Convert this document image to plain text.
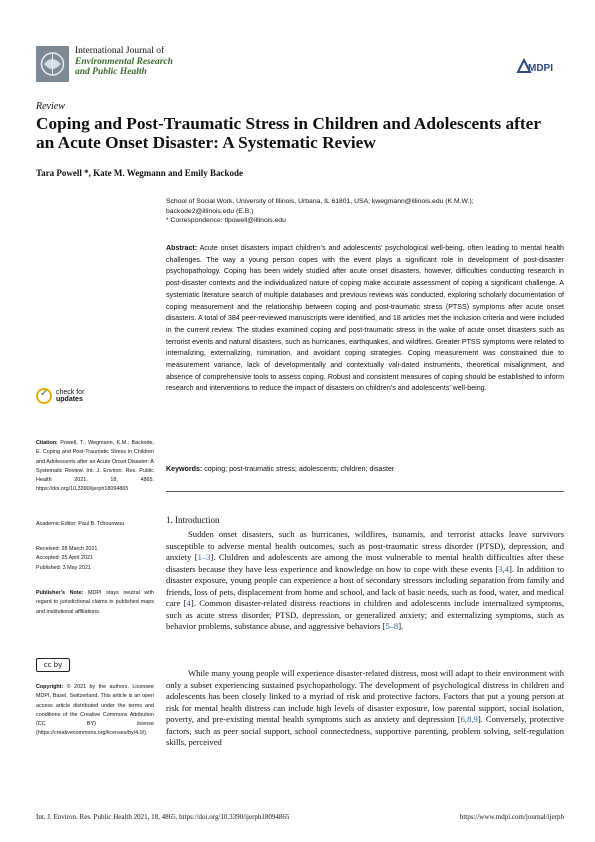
International Journal of
Environmental Research
and Public Health	MDPI
Review
Coping and Post-Traumatic Stress in Children and Adolescents after an Acute Onset Disaster: A Systematic Review
Tara Powell *, Kate M. Wegmann and Emily Backode
School of Social Work, University of Illinois, Urbana, IL 61801, USA; kwegmann@illinois.edu (K.M.W.);
backode2@illinois.edu (E.B.)
* Correspondence: tlpowell@illinois.edu
Abstract: Acute onset disasters impact children’s and adolescents’ psychological well-being, often leading to mental health challenges. The way a young person copes with the event plays a significant role in development of post-disaster psychopathology. Coping has been widely studied after acute onset disasters, however, difficulties conducting research in post-disaster contexts and the individualized nature of coping make accurate assessment of coping a significant challenge. A systematic literature search of multiple databases and previous reviews was conducted, exploring scholarly documentation of coping measurement and the relationship between coping and post-traumatic stress (PTSS) symptoms after acute onset disasters. A total of 384 peer-reviewed manuscripts were identified, and 18 articles met the inclusion criteria and were included in the current review. The studies examined coping and post-traumatic stress in the wake of acute onset disasters such as terrorist events and natural disasters, such as hurricanes, earthquakes, and wildfires. Greater PTSS symptoms were related to internalizing, externalizing, rumination, and avoidant coping strategies. Coping measurement was constrained due to measurement variance, lack of developmentally and contextually vali-dated instruments, theoretical misalignment, and absence of comprehensive tools to assess coping. Robust and consistent measures of coping should be established to inform research and interventions to reduce the impact of disasters on children’s and adolescents’ well-being.
Keywords: coping; post-traumatic stress; adolescents; children; disaster
✓
check for
updates
Citation: Powell, T.; Wegmann, K.M.; Backode, E. Coping and Post-Traumatic Stress in Children and Adolescents after an Acute Onset Disaster: A Systematic Review. Int. J. Environ. Res. Public Health 2021, 18, 4865. https://doi.org/10.3390/ijerph18094865
Academic Editor: Paul B. Tchounwou
Received: 28 March 2021
Accepted: 25 April 2021
Published: 3 May 2021
Publisher’s Note: MDPI stays neutral with regard to jurisdictional claims in published maps and institutional affiliations.
cc by
Copyright: © 2021 by the authors. Licensee MDPI, Basel, Switzerland. This article is an open access article distributed under the terms and conditions of the Creative Commons Attribution (CC BY) license (https://creativecommons.org/licenses/by/4.0/).
1. Introduction
Sudden onset disasters, such as hurricanes, wildfires, tsunamis, and terrorist attacks leave survivors susceptible to adverse mental health outcomes, such as post-traumatic stress disorder (PTSD), depression, and anxiety [1–3]. Children and adolescents are among the most vulnerable to mental health difficulties after these disasters because they have less experience and knowledge on how to cope with these events [3,4]. In addition to disaster exposure, young people can experience a host of secondary stressors including separation from family and friends, loss of pets, displacement from home and school, and lack of basic needs, such as food, water, and medical care [4]. Common disaster-related distress reactions in children and adolescents include internalized symptoms, such as acute stress disorder, PTSD, depression, or generalized anxiety; and externalizing symptoms, such as behavior problems, substance abuse, and aggressive behaviors [5–8].
While many young people will experience disaster-related distress, most will adapt to their environment with only a subset experiencing sustained psychopathology. The development of psychological distress in children and adolescents has been closely linked to a myriad of risk and protective factors. Factors that put a young person at risk for mental health distress can include high levels of disaster exposure, low parental support, social isolation, poverty, and pre-existing mental health symptoms such as anxiety and depression [6,8,9]. Conversely, protective factors, such as peer social support, school connectedness, supportive parenting, problem solving, self-regulation skills, perceived
Int. J. Environ. Res. Public Health 2021, 18, 4865. https://doi.org/10.3390/ijerph18094865	https://www.mdpi.com/journal/ijerph
